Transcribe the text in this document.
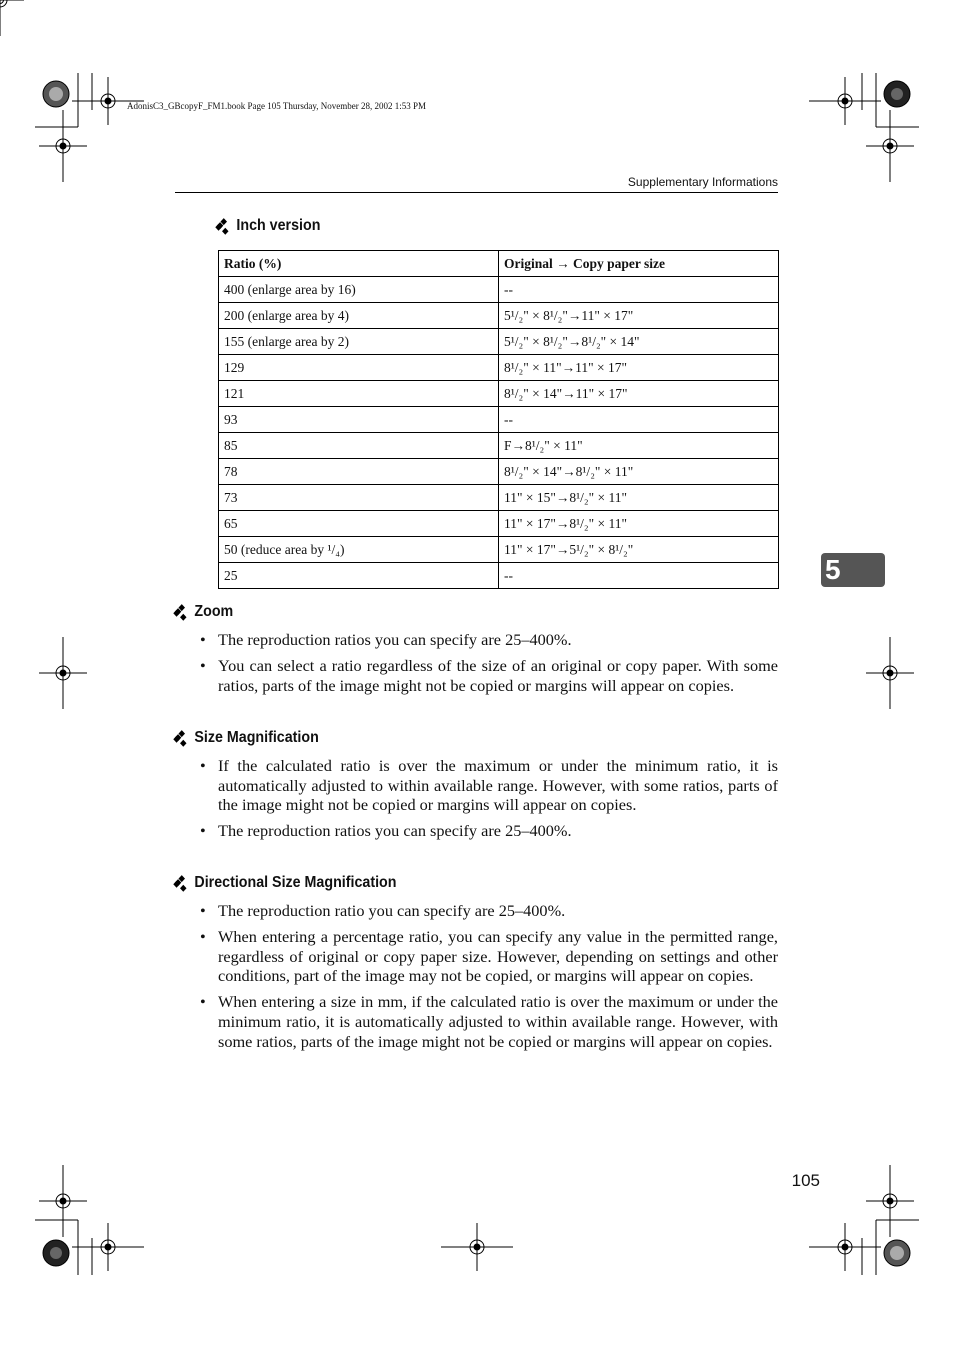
AdonisC3_GBcopyF_FM1.book Page 105 Thursday, November 28, 2002 1:53 PM
Supplementary Informations
Inch version
Ratio (%)	Original → Copy paper size
400 (enlarge area by 16)	--
200 (enlarge area by 4)	5¹/₂" × 8¹/₂"→11" × 17"
155 (enlarge area by 2)	5¹/₂" × 8¹/₂"→8¹/₂" × 14"
129	8¹/₂" × 11"→11" × 17"
121	8¹/₂" × 14"→11" × 17"
93	--
85	F→8¹/₂" × 11"
78	8¹/₂" × 14"→8¹/₂" × 11"
73	11" × 15"→8¹/₂" × 11"
65	11" × 17"→8¹/₂" × 11"
50 (reduce area by ¹/₄)	11" × 17"→5¹/₂" × 8¹/₂"
25	--
Zoom
• The reproduction ratios you can specify are 25–400%.
• You can select a ratio regardless of the size of an original or copy paper. With some ratios, parts of the image might not be copied or margins will appear on copies.
Size Magnification
• If the calculated ratio is over the maximum or under the minimum ratio, it is automatically adjusted to within available range. However, with some ratios, parts of the image might not be copied or margins will appear on copies.
• The reproduction ratios you can specify are 25–400%.
Directional Size Magnification
• The reproduction ratio you can specify are 25–400%.
• When entering a percentage ratio, you can specify any value in the permitted range, regardless of original or copy paper size. However, depending on settings and other conditions, part of the image may not be copied, or margins will appear on copies.
• When entering a size in mm, if the calculated ratio is over the maximum or under the minimum ratio, it is automatically adjusted to within available range. However, with some ratios, parts of the image might not be copied or margins will appear on copies.
5
105
